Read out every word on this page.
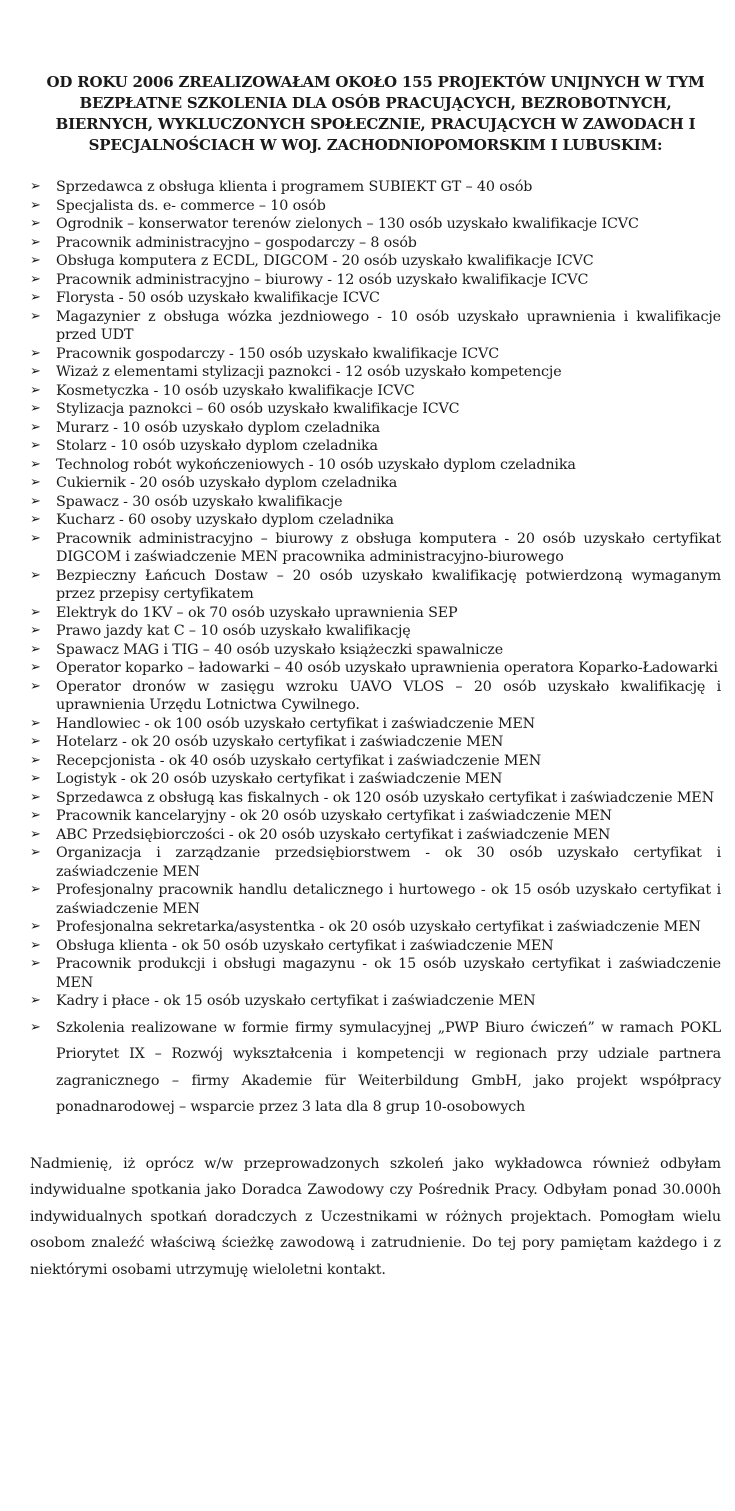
OD ROKU 2006 ZREALIZOWAŁAM OKOŁO 155 PROJEKTÓW UNIJNYCH W TYM BEZPŁATNE SZKOLENIA DLA OSÓB PRACUJĄCYCH, BEZROBOTNYCH, BIERNYCH, WYKLUCZONYCH SPOŁECZNIE, PRACUJĄCYCH W ZAWODACH I SPECJALNOŚCIACH W WOJ. ZACHODNIOPOMORSKIM I LUBUSKIM:
➢	Sprzedawca z obsługa klienta i programem SUBIEKT GT – 40 osób
➢	Specjalista ds. e- commerce – 10 osób
➢	Ogrodnik – konserwator terenów zielonych – 130 osób uzyskało kwalifikacje ICVC
➢	Pracownik administracyjno – gospodarczy – 8 osób
➢	Obsługa komputera z ECDL, DIGCOM - 20 osób uzyskało kwalifikacje ICVC
➢	Pracownik administracyjno – biurowy - 12 osób uzyskało kwalifikacje ICVC
➢	Florysta - 50 osób uzyskało kwalifikacje ICVC
➢	Magazynier z obsługa wózka jezdniowego - 10 osób uzyskało uprawnienia i kwalifikacje przed UDT
➢	Pracownik gospodarczy - 150 osób uzyskało kwalifikacje ICVC
➢	Wizaż z elementami stylizacji paznokci - 12 osób uzyskało kompetencje
➢	Kosmetyczka - 10 osób uzyskało kwalifikacje ICVC
➢	Stylizacja paznokci – 60 osób uzyskało kwalifikacje ICVC
➢	Murarz - 10 osób uzyskało dyplom czeladnika
➢	Stolarz - 10 osób uzyskało dyplom czeladnika
➢	Technolog robót wykończeniowych - 10 osób uzyskało dyplom czeladnika
➢	Cukiernik - 20 osób uzyskało dyplom czeladnika
➢	Spawacz - 30 osób uzyskało kwalifikacje
➢	Kucharz - 60 osoby uzyskało dyplom czeladnika
➢	Pracownik administracyjno – biurowy z obsługa komputera - 20 osób uzyskało certyfikat DIGCOM i zaświadczenie MEN pracownika administracyjno-biurowego
➢	Bezpieczny Łańcuch Dostaw – 20 osób uzyskało kwalifikację potwierdzoną wymaganym przez przepisy certyfikatem
➢	Elektryk do 1KV – ok 70 osób uzyskało uprawnienia SEP
➢	Prawo jazdy kat C – 10 osób uzyskało kwalifikację
➢	Spawacz MAG i TIG – 40 osób uzyskało książeczki spawalnicze
➢	Operator koparko – ładowarki – 40 osób uzyskało uprawnienia operatora Koparko-Ładowarki
➢	Operator dronów w zasięgu wzroku UAVO VLOS – 20 osób uzyskało kwalifikację i uprawnienia Urzędu Lotnictwa Cywilnego.
➢	Handlowiec - ok 100 osób uzyskało certyfikat i zaświadczenie MEN
➢	Hotelarz - ok 20 osób uzyskało certyfikat i zaświadczenie MEN
➢	Recepcjonista - ok 40 osób uzyskało certyfikat i zaświadczenie MEN
➢	Logistyk - ok 20 osób uzyskało certyfikat i zaświadczenie MEN
➢	Sprzedawca z obsługą kas fiskalnych - ok 120 osób uzyskało certyfikat i zaświadczenie MEN
➢	Pracownik kancelaryjny - ok 20 osób uzyskało certyfikat i zaświadczenie MEN
➢	ABC Przedsiębiorczości - ok 20 osób uzyskało certyfikat i zaświadczenie MEN
➢	Organizacja i zarządzanie przedsiębiorstwem - ok 30 osób uzyskało certyfikat i zaświadczenie MEN
➢	Profesjonalny pracownik handlu detalicznego i hurtowego - ok 15 osób uzyskało certyfikat i zaświadczenie MEN
➢	Profesjonalna sekretarka/asystentka - ok 20 osób uzyskało certyfikat i zaświadczenie MEN
➢	Obsługa klienta - ok 50 osób uzyskało certyfikat i zaświadczenie MEN
➢	Pracownik produkcji i obsługi magazynu - ok 15 osób uzyskało certyfikat i zaświadczenie MEN
➢	Kadry i płace - ok 15 osób uzyskało certyfikat i zaświadczenie MEN
➢	Szkolenia realizowane w formie firmy symulacyjnej „PWP Biuro ćwiczeń” w ramach POKL Priorytet IX – Rozwój wykształcenia i kompetencji w regionach przy udziale partnera zagranicznego – firmy Akademie für Weiterbildung GmbH, jako projekt współpracy ponadnarodowej – wsparcie przez 3 lata dla 8 grup 10-osobowych

Nadmienię, iż oprócz w/w przeprowadzonych szkoleń jako wykładowca również odbyłam indywidualne spotkania jako Doradca Zawodowy czy Pośrednik Pracy. Odbyłam ponad 30.000h indywidualnych spotkań doradczych z Uczestnikami w różnych projektach. Pomogłam wielu osobom znaleźć właściwą ścieżkę zawodową i zatrudnienie. Do tej pory pamiętam każdego i z niektórymi osobami utrzymuję wieloletni kontakt.
